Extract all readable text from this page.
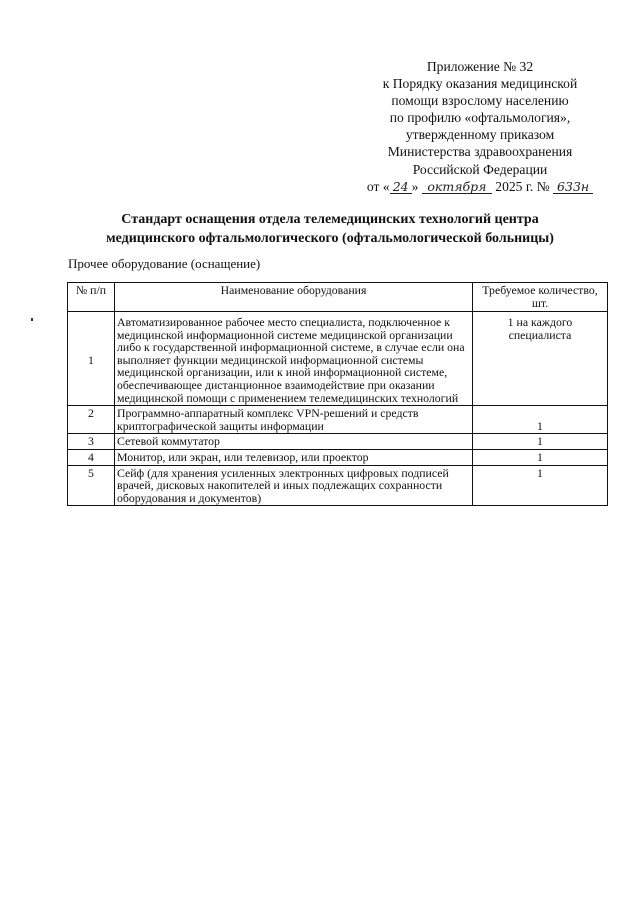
Приложение № 32
к Порядку оказания медицинской
помощи взрослому населению
по профилю «офтальмология»,
утвержденному приказом
Министерства здравоохранения
Российской Федерации
от « 24 » октября 2025 г. № 633н
Стандарт оснащения отдела телемедицинских технологий центра
медицинского офтальмологического (офтальмологической больницы)
Прочее оборудование (оснащение)
№ п/п	Наименование оборудования	Требуемое количество, шт.
1	Автоматизированное рабочее место специалиста, подключенное к медицинской информационной системе медицинской организации либо к государственной информационной системе, в случае если она выполняет функции медицинской информационной системы медицинской организации, или к иной информационной системе, обеспечивающее дистанционное взаимодействие при оказании медицинской помощи с применением телемедицинских технологий	1 на каждого специалиста
2	Программно-аппаратный комплекс VPN-решений и средств криптографической защиты информации	1
3	Сетевой коммутатор	1
4	Монитор, или экран, или телевизор, или проектор	1
5	Сейф (для хранения усиленных электронных цифровых подписей врачей, дисковых накопителей и иных подлежащих сохранности оборудования и документов)	1
